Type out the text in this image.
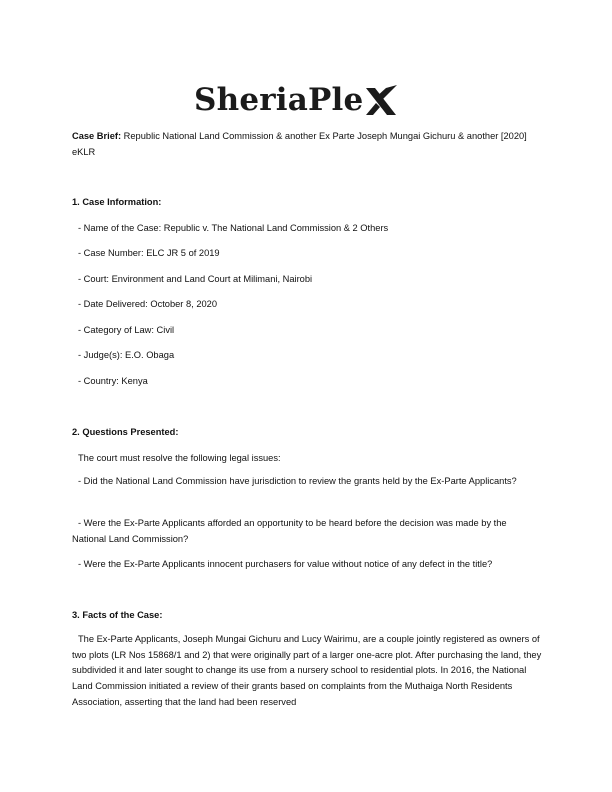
SheriaPle
Case Brief: Republic National Land Commission & another Ex Parte Joseph Mungai Gichuru & another [2020] eKLR
1. Case Information:
- Name of the Case: Republic v. The National Land Commission & 2 Others
- Case Number: ELC JR 5 of 2019
- Court: Environment and Land Court at Milimani, Nairobi
- Date Delivered: October 8, 2020
- Category of Law: Civil
- Judge(s): E.O. Obaga
- Country: Kenya
2. Questions Presented:
The court must resolve the following legal issues:
- Did the National Land Commission have jurisdiction to review the grants held by the Ex-Parte Applicants?
- Were the Ex-Parte Applicants afforded an opportunity to be heard before the decision was made by the National Land Commission?
- Were the Ex-Parte Applicants innocent purchasers for value without notice of any defect in the title?
3. Facts of the Case:
The Ex-Parte Applicants, Joseph Mungai Gichuru and Lucy Wairimu, are a couple jointly registered as owners of two plots (LR Nos 15868/1 and 2) that were originally part of a larger one-acre plot. After purchasing the land, they subdivided it and later sought to change its use from a nursery school to residential plots. In 2016, the National Land Commission initiated a review of their grants based on complaints from the Muthaiga North Residents Association, asserting that the land had been reserved
